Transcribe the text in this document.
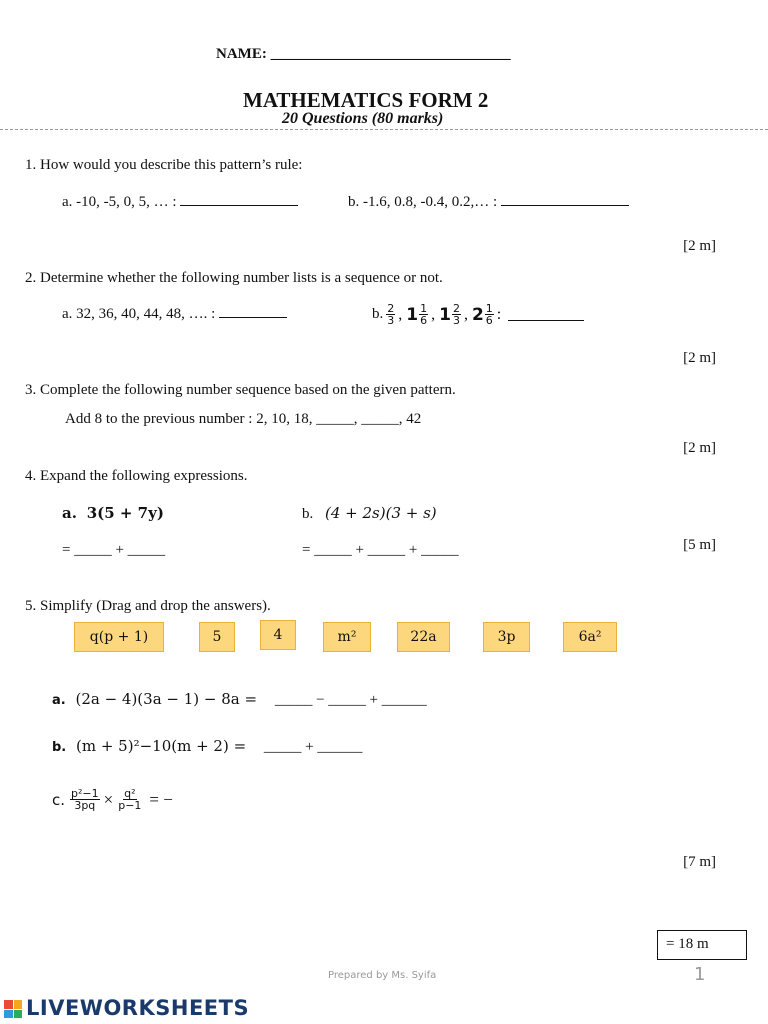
NAME: ________________________________
MATHEMATICS FORM 2
20 Questions (80 marks)
1. How would you describe this pattern’s rule:
a. -10, -5, 0, 5, … :	b. -1.6, 0.8, -0.4, 0.2,… :
[2 m]
2. Determine whether the following number lists is a sequence or not.
a. 32, 36, 40, 44, 48, …. :	b. $\frac{2}{3}$ , $1 \frac{1}{6}$ , $1 \frac{2}{3}$ , $2 \frac{1}{6}$ :
[2 m]
3. Complete the following number sequence based on the given pattern.
Add 8 to the previous number : 2, 10, 18, _____, _____, 42
[2 m]
4. Expand the following expressions.
a. 3(5 + 7y)	b. (4 + 2s)(3 + s)
= _____ + _____	= _____ + _____ + _____	[5 m]
5. Simplify (Drag and drop the answers).
q(p + 1)	5	4	m²	22a	3p	6a²
a. (2a − 4)(3a − 1) − 8a = _____ − _____ + ______
b. (m + 5)²−10(m + 2) = _____ + ______
c. $\frac{\text{p²−1}}{3pq} \times \frac{\text{q²}}{p-1}$ = −
[7 m]
= 18 m
Prepared by Ms. Syifa	1
LIVEWORKSHEETS
